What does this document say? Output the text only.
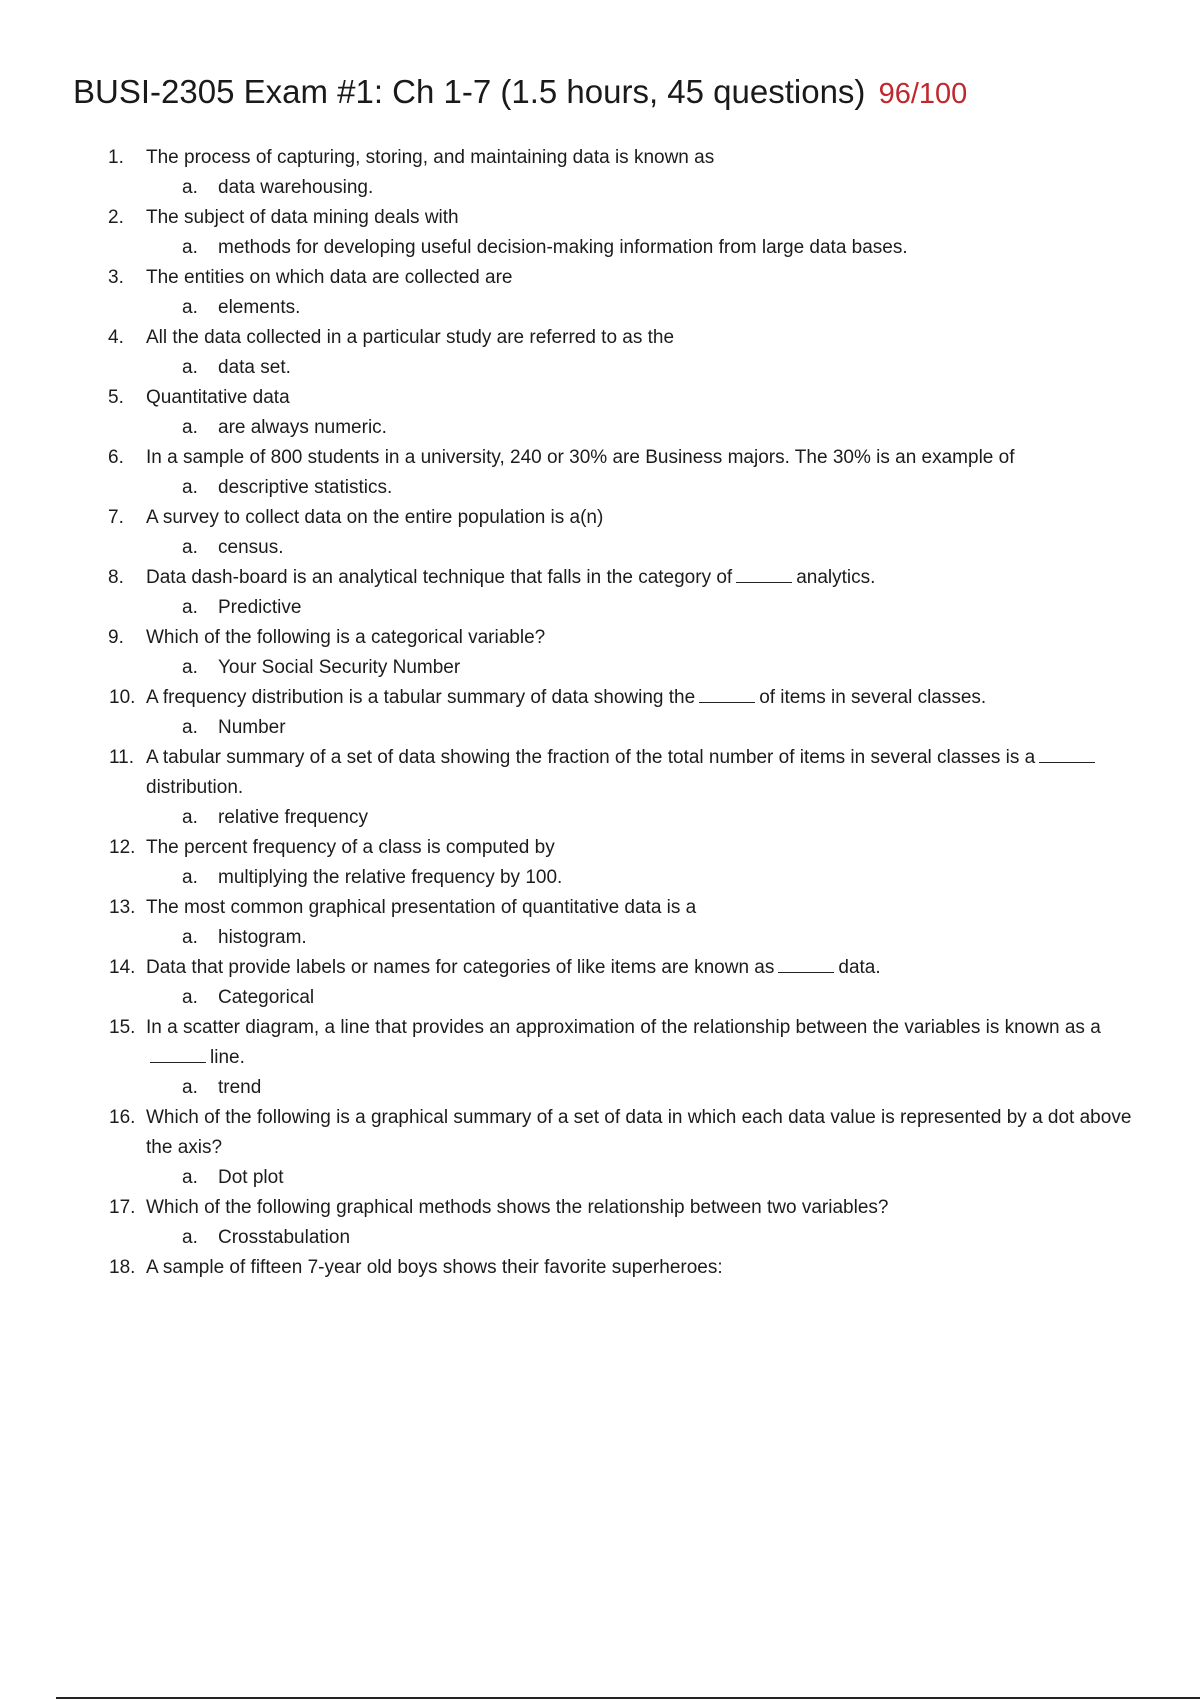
BUSI-2305 Exam #1: Ch 1-7 (1.5 hours, 45 questions) 96/100
1.	The process of capturing, storing, and maintaining data is known as
a. data warehousing.
2.	The subject of data mining deals with
a. methods for developing useful decision-making information from large data bases.
3.	The entities on which data are collected are
a. elements.
4.	All the data collected in a particular study are referred to as the
a. data set.
5.	Quantitative data
a. are always numeric.
6.	In a sample of 800 students in a university, 240 or 30% are Business majors. The 30% is an example of
a. descriptive statistics.
7.	A survey to collect data on the entire population is a(n)
a. census.
8.	Data dash-board is an analytical technique that falls in the category of	analytics.
a. Predictive
9.	Which of the following is a categorical variable?
a. Your Social Security Number
10. A frequency distribution is a tabular summary of data showing the	of items in several classes.
a. Number
11. A tabular summary of a set of data showing the fraction of the total number of items in several classes is adistribution.
a. relative frequency
12. The percent frequency of a class is computed by
a. multiplying the relative frequency by 100.
13. The most common graphical presentation of quantitative data is a
a. histogram.
14. Data that provide labels or names for categories of like items are known as	data.
a. Categorical
15. In a scatter diagram, a line that provides an approximation of the relationship between the variables is known as aline.
a. trend
16. Which of the following is a graphical summary of a set of data in which each data value is represented by a dot above the axis?
a. Dot plot
17. Which of the following graphical methods shows the relationship between two variables?
a. Crosstabulation
18. A sample of fifteen 7-year old boys shows their favorite superheroes:
